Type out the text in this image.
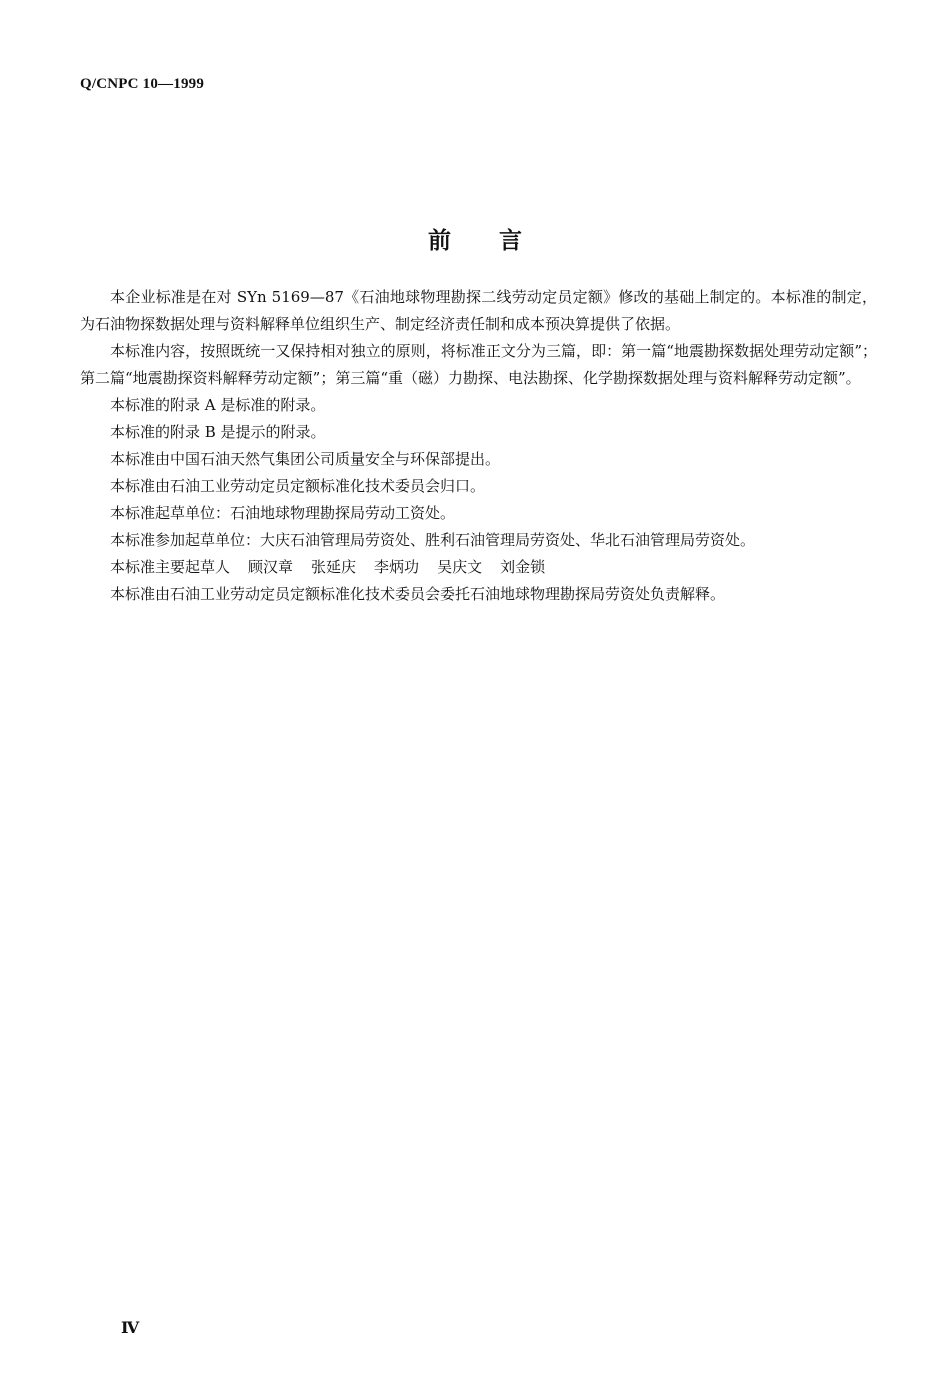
Q/CNPC 10—1999
前 言

本企业标准是在对 SYn 5169—87《石油地球物理勘探二线劳动定员定额》修改的基础上制定的。本标准的制定，为石油物探数据处理与资料解释单位组织生产、制定经济责任制和成本预决算提供了依据。

本标准内容，按照既统一又保持相对独立的原则，将标准正文分为三篇，即：第一篇“地震勘探数据处理劳动定额”；第二篇“地震勘探资料解释劳动定额”；第三篇“重（磁）力勘探、电法勘探、化学勘探数据处理与资料解释劳动定额”。

本标准的附录 A 是标准的附录。

本标准的附录 B 是提示的附录。

本标准由中国石油天然气集团公司质量安全与环保部提出。

本标准由石油工业劳动定员定额标准化技术委员会归口。

本标准起草单位：石油地球物理勘探局劳动工资处。

本标准参加起草单位：大庆石油管理局劳资处、胜利石油管理局劳资处、华北石油管理局劳资处。

本标准主要起草人 顾汉章 张延庆 李炳功 吴庆文 刘金锁

本标准由石油工业劳动定员定额标准化技术委员会委托石油地球物理勘探局劳资处负责解释。

Ⅳ
